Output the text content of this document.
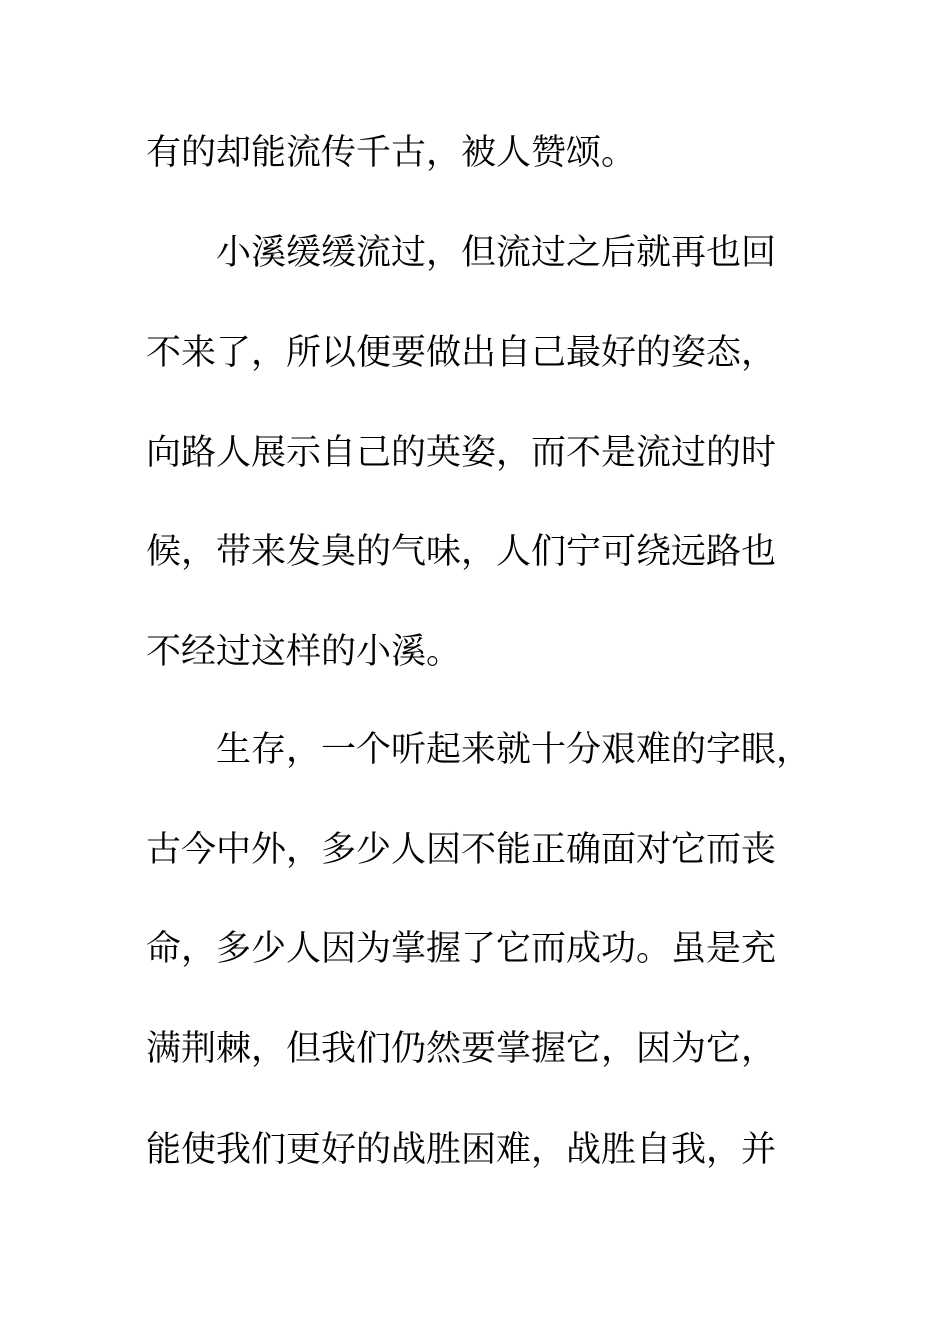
有的却能流传千古，被人赞颂。
小溪缓缓流过，但流过之后就再也回
不来了，所以便要做出自己最好的姿态，
向路人展示自己的英姿，而不是流过的时
候，带来发臭的气味，人们宁可绕远路也
不经过这样的小溪。
生存，一个听起来就十分艰难的字眼，
古今中外，多少人因不能正确面对它而丧
命，多少人因为掌握了它而成功。虽是充
满荆棘，但我们仍然要掌握它，因为它，
能使我们更好的战胜困难，战胜自我，并
